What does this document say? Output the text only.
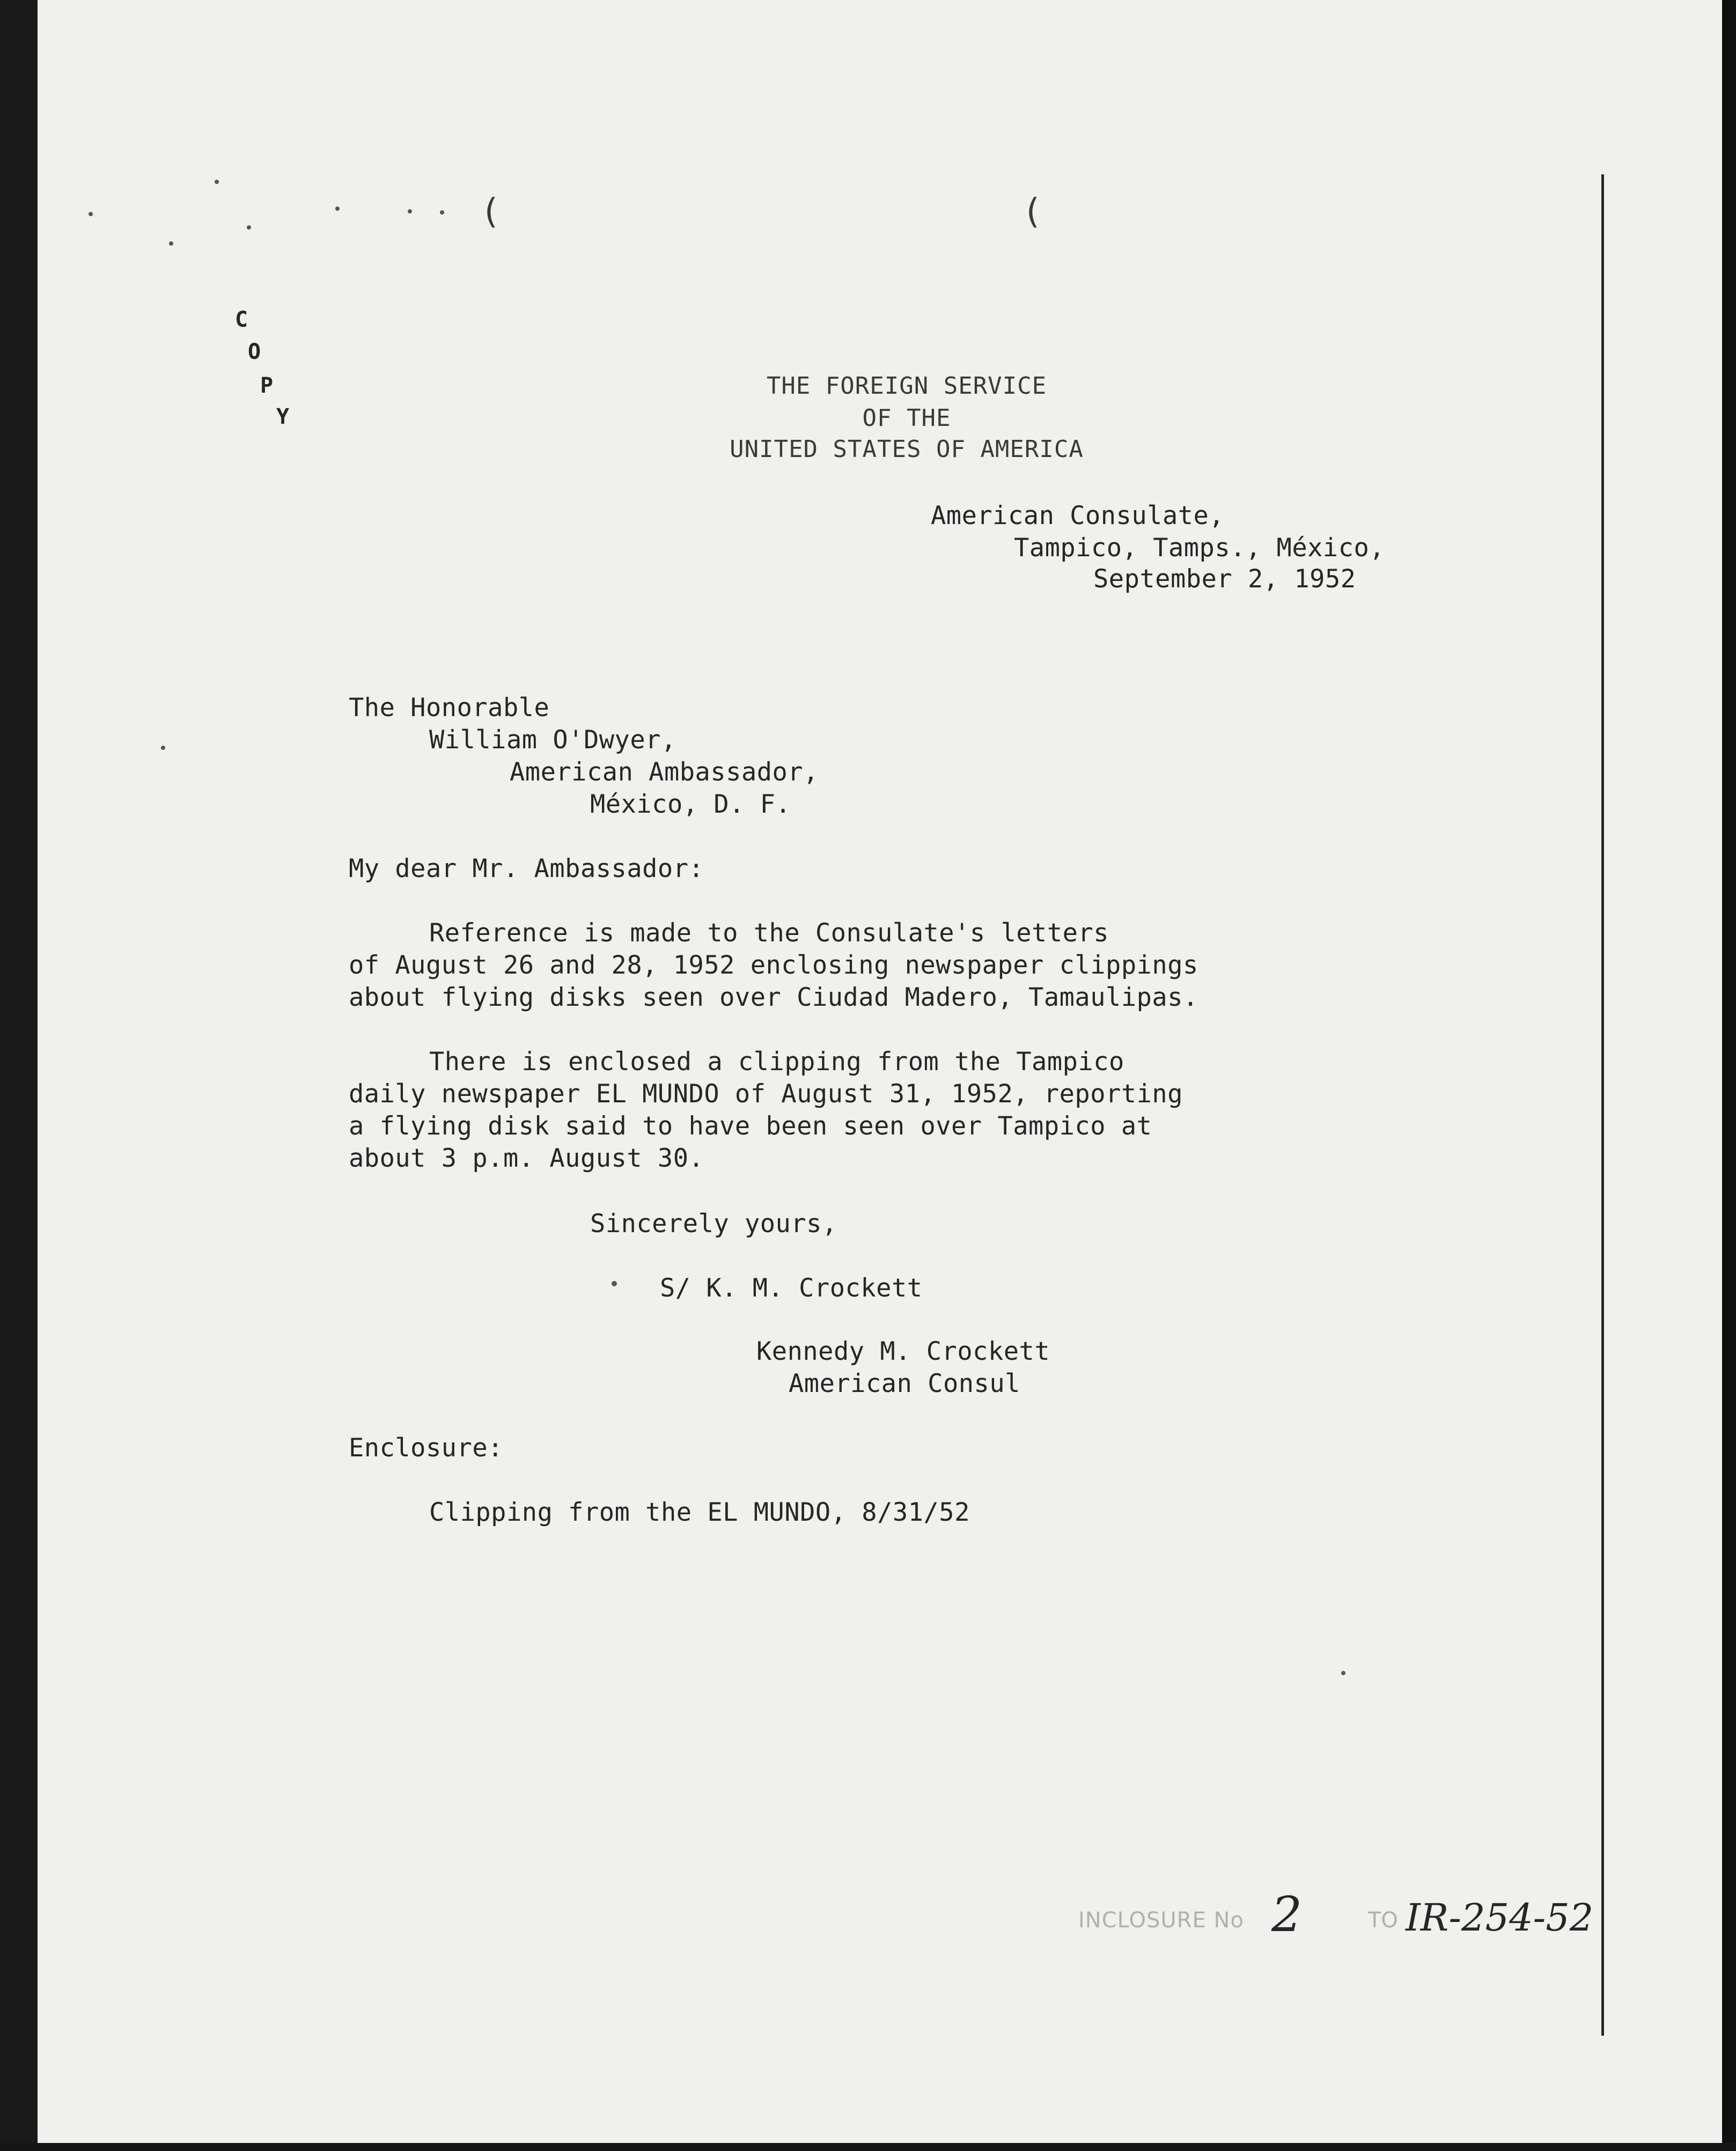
(	(
C
O
P
Y
THE FOREIGN SERVICE
OF THE
UNITED STATES OF AMERICA
American Consulate,
Tampico, Tamps., México,
September 2, 1952
The Honorable
William O'Dwyer,
American Ambassador,
México, D. F.
My dear Mr. Ambassador:
Reference is made to the Consulate's letters
of August 26 and 28, 1952 enclosing newspaper clippings
about flying disks seen over Ciudad Madero, Tamaulipas.
There is enclosed a clipping from the Tampico
daily newspaper EL MUNDO of August 31, 1952, reporting
a flying disk said to have been seen over Tampico at
about 3 p.m. August 30.
Sincerely yours,
S/ K. M. Crockett
Kennedy M. Crockett
American Consul
Enclosure:
Clipping from the EL MUNDO, 8/31/52
INCLOSURE No 2	TO IR-254-52
